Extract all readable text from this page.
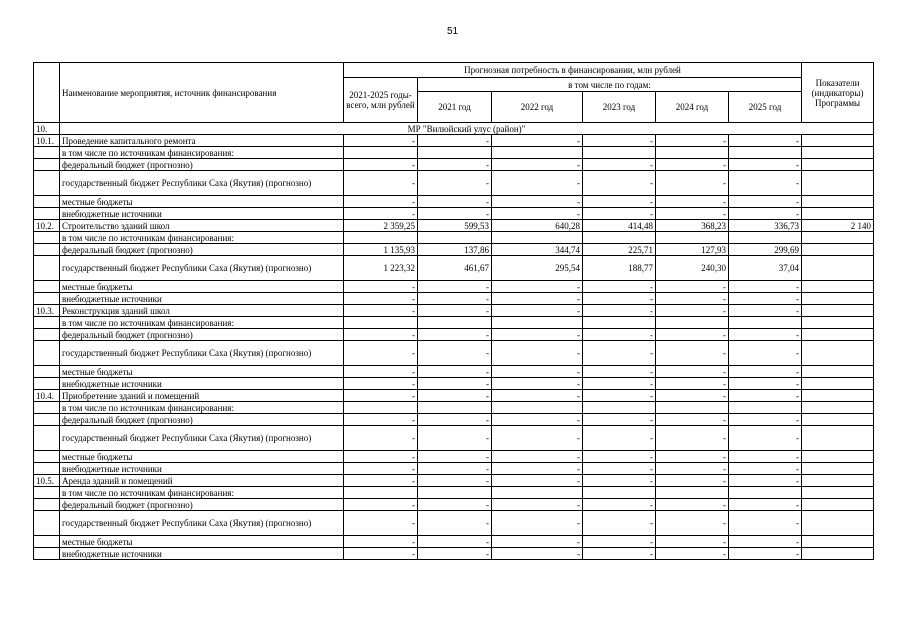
51
	Наименование мероприятия, источник финансирования	Прогнозная потребность в финансировании, млн рублей						Показатели (индикаторы) Программы
		2021-2025 годы- всего, млн рублей	в том числе по годам:					
			2021 год	2022 год	2023 год	2024 год	2025 год	
10.	МР "Вилюйский улус (район)"							
10.1.	Проведение капитального ремонта	-	-	-	-	-	-	
	в том числе по источникам финансирования:							
	федеральный бюджет (прогнозно)	-	-	-	-	-	-	
	государственный бюджет Республики Саха (Якутия) (прогнозно)	-	-	-	-	-	-	
	местные бюджеты	-	-	-	-	-	-	
	внебюджетные источники	-	-	-	-	-	-	
10.2.	Строительство зданий школ	2 359,25	599,53	640,28	414,48	368,23	336,73	2 140
	в том числе по источникам финансирования:							
	федеральный бюджет (прогнозно)	1 135,93	137,86	344,74	225,71	127,93	299,69	
	государственный бюджет Республики Саха (Якутия) (прогнозно)	1 223,32	461,67	295,54	188,77	240,30	37,04	
	местные бюджеты	-	-	-	-	-	-	
	внебюджетные источники	-	-	-	-	-	-	
10.3.	Реконструкция зданий школ	-	-	-	-	-	-	
	в том числе по источникам финансирования:							
	федеральный бюджет (прогнозно)	-	-	-	-	-	-	
	государственный бюджет Республики Саха (Якутия) (прогнозно)	-	-	-	-	-	-	
	местные бюджеты	-	-	-	-	-	-	
	внебюджетные источники	-	-	-	-	-	-	
10.4.	Приобретение зданий и помещений	-	-	-	-	-	-	
	в том числе по источникам финансирования:							
	федеральный бюджет (прогнозно)	-	-	-	-	-	-	
	государственный бюджет Республики Саха (Якутия) (прогнозно)	-	-	-	-	-	-	
	местные бюджеты	-	-	-	-	-	-	
	внебюджетные источники	-	-	-	-	-	-	
10.5.	Аренда зданий и помещений	-	-	-	-	-	-	
	в том числе по источникам финансирования:							
	федеральный бюджет (прогнозно)	-	-	-	-	-	-	
	государственный бюджет Республики Саха (Якутия) (прогнозно)	-	-	-	-	-	-	
	местные бюджеты	-	-	-	-	-	-	
	внебюджетные источники	-	-	-	-	-	-	
